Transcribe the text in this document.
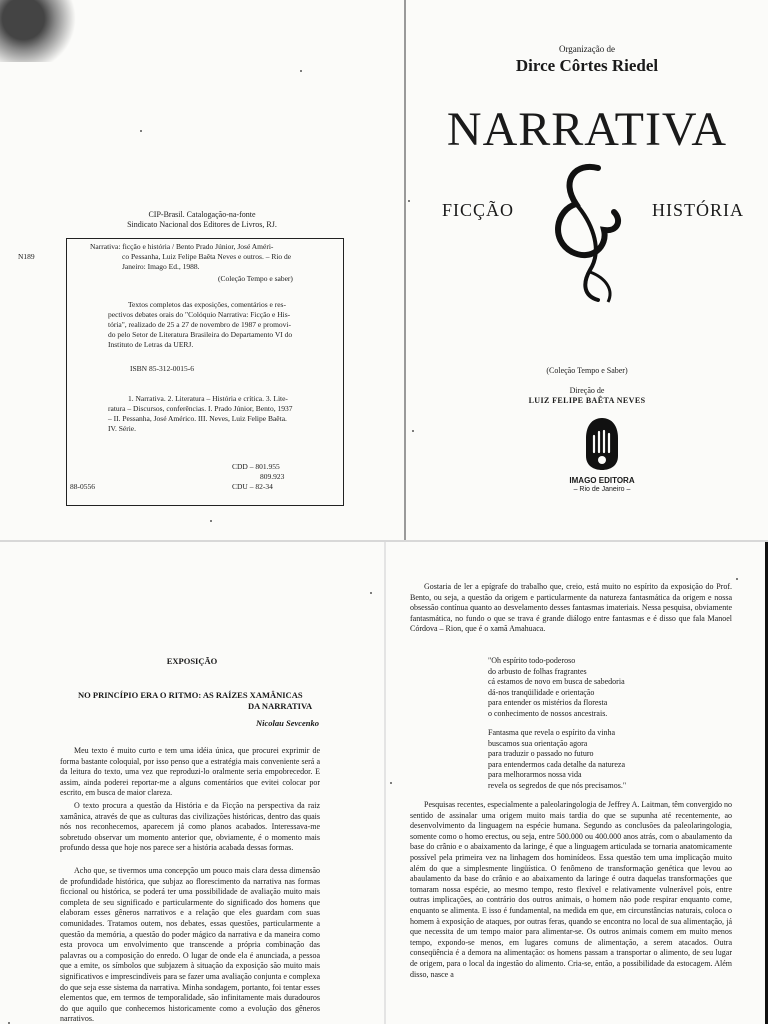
CIP-Brasil. Catalogação-na-fonte
Sindicato Nacional dos Editores de Livros, RJ.
N189
Narrativa: ficção e história / Bento Prado Júnior, José Améri-
co Pessanha, Luiz Felipe Baêta Neves e outros. – Rio de
Janeiro: Imago Ed., 1988.
(Coleção Tempo e saber)
Textos completos das exposições, comentários e res-
pectivos debates orais do "Colóquio Narrativa: Ficção e His-
tória", realizado de 25 a 27 de novembro de 1987 e promovi-
do pelo Setor de Literatura Brasileira do Departamento VI do
Instituto de Letras da UERJ.
ISBN 85-312-0015-6
1. Narrativa. 2. Literatura – História e crítica. 3. Lite-
ratura – Discursos, conferências. I. Prado Júnior, Bento, 1937
– II. Pessanha, José Américo. III. Neves, Luiz Felipe Baêta.
IV. Série.
CDD – 801.955
809.923
CDU – 82-34
88-0556
Organização de
Dirce Côrtes Riedel
NARRATIVA
FICÇÃO	HISTÓRIA
(Coleção Tempo e Saber)
Direção de
LUIZ FELIPE BAÊTA NEVES
IMAGO EDITORA
– Rio de Janeiro –
EXPOSIÇÃO
NO PRINCÍPIO ERA O RITMO: AS RAÍZES XAMÂNICAS
DA NARRATIVA
Nicolau Sevcenko

Meu texto é muito curto e tem uma idéia única, que procurei exprimir de forma bastante coloquial, por isso penso que a estratégia mais conveniente será a da leitura do texto, uma vez que reproduzi-lo oralmente seria empobrecedor. E assim, ainda poderei reportar-me a alguns comentários que evitei colocar por escrito, em busca de maior clareza.

O texto procura a questão da História e da Ficção na perspectiva da raiz xamânica, através de que as culturas das civilizações históricas, dentro das quais nós nos reconhecemos, aparecem já como planos acabados. Interessava-me sobretudo observar um momento anterior que, obviamente, é o momento mais profundo dessa que hoje nos parece ser a história acabada dessas formas.

Acho que, se tivermos uma concepção um pouco mais clara dessa dimensão de profundidade histórica, que subjaz ao florescimento da narrativa nas formas ficcional ou histórica, se poderá ter uma possibilidade de avaliação muito mais completa de seu significado e particularmente do significado dos homens que elaboram esses gêneros narrativos e a relação que eles guardam com suas comunidades. Tratamos outem, nos debates, essas questões, particularmente a questão da memória, a questão do poder mágico da narrativa e da maneira como esta provoca um envolvimento que transcende a própria combinação das palavras ou a composição do enredo. O lugar de onde ela é anunciada, a pessoa que a emite, os símbolos que subjazem à situação da exposição são muito mais significativos e imprescindíveis para se fazer uma avaliação conjunta e complexa do que seja esse sistema da narrativa. Minha sondagem, portanto, foi tentar esses elementos que, em termos de temporalidade, são infinitamente mais duradouros do que aquilo que conhecemos historicamente como a evolução dos gêneros narrativos.

Gostaria de ler a epígrafe do trabalho que, creio, está muito no espírito da exposição do Prof. Bento, ou seja, a questão da origem e particularmente da natureza fantasmática da origem e nossa obsessão contínua quanto ao desvelamento desses fantasmas imateriais. Nessa pesquisa, obviamente fantasmática, no fundo o que se trava é grande diálogo entre fantasmas e é disso que fala Manoel Córdova – Rion, que é o xamã Amahuaca.

"Oh espírito todo-poderoso
do arbusto de folhas fragrantes
cá estamos de novo em busca de sabedoria
dá-nos tranqüilidade e orientação
para entender os mistérios da floresta
o conhecimento de nossos ancestrais.
Fantasma que revela o espírito da vinha
buscamos sua orientação agora
para traduzir o passado no futuro
para entendermos cada detalhe da natureza
para melhorarmos nossa vida
revela os segredos de que nós precisamos."

Pesquisas recentes, especialmente a paleolaringologia de Jeffrey A. Laitman, têm convergido no sentido de assinalar uma origem muito mais tardia do que se supunha até recentemente, ao desenvolvimento da linguagem na espécie humana. Segundo as conclusões da paleolaringologia, somente como o homo erectus, ou seja, entre 500.000 ou 400.000 anos atrás, com o abaulamento da base do crânio e o abaixamento da laringe, é que a linguagem articulada se tornaria anatomicamente possível pela primeira vez na linhagem dos hominídeos. Essa questão tem uma implicação muito além do que a simplesmente lingüística. O fenômeno de transformação genética que levou ao abaulamento da base do crânio e ao abaixamento da laringe é outra daquelas transformações que tornaram nossa espécie, ao mesmo tempo, resto flexível e relativamente vulnerável pois, entre outras implicações, ao contrário dos outros animais, o homem não pode respirar enquanto come, enquanto se alimenta. E isso é fundamental, na medida em que, em circunstâncias naturais, coloca o homem à exposição de ataques, por outras feras, quando se encontra no local de sua alimentação, já que necessita de um tempo maior para alimentar-se. Os outros animais comem em muito menos tempo, expondo-se menos, em lugares comuns de alimentação, a serem atacados. Outra conseqüência é a demora na alimentação: os homens passam a transportar o alimento, de seu lugar de origem, para o local da ingestão do alimento. Cria-se, então, a possibilidade da estocagem. Além disso, nasce a
